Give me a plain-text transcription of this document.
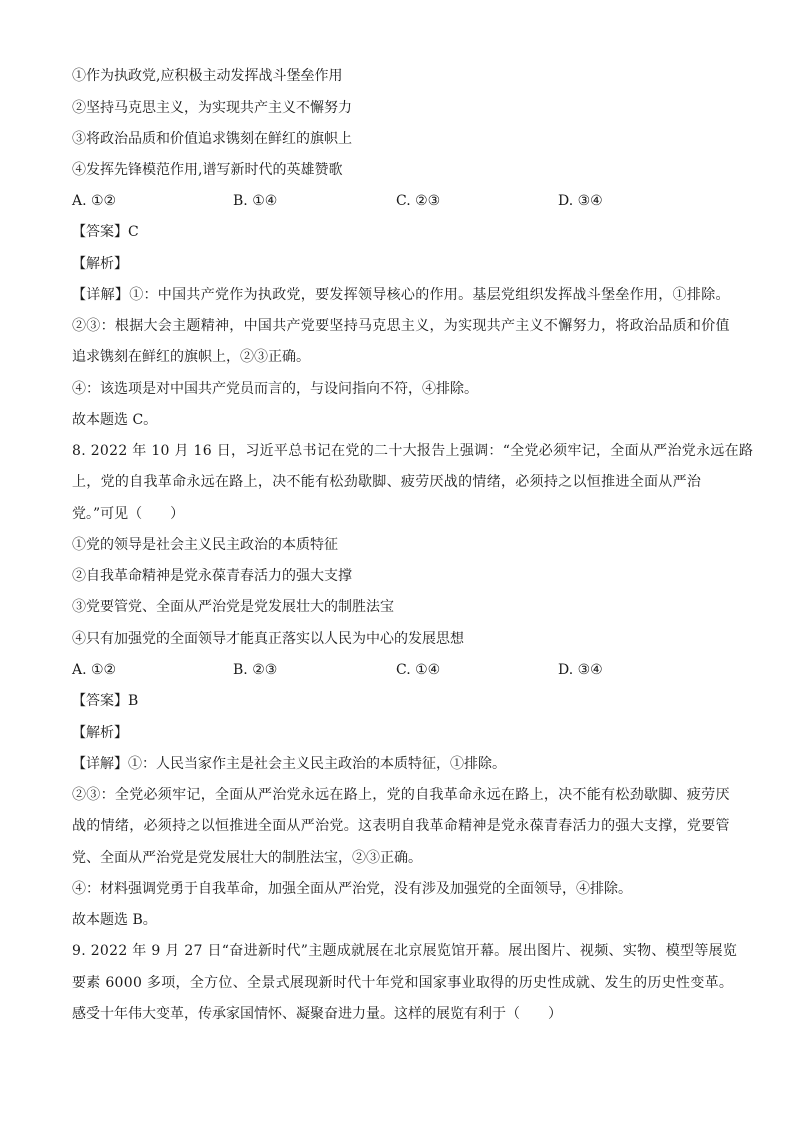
①作为执政党,应积极主动发挥战斗堡垒作用
②坚持马克思主义，为实现共产主义不懈努力
③将政治品质和价值追求镌刻在鲜红的旗帜上
④发挥先锋模范作用,谱写新时代的英雄赞歌
A. ①②	B. ①④	C. ②③	D. ③④
【答案】C
【解析】
【详解】①：中国共产党作为执政党，要发挥领导核心的作用。基层党组织发挥战斗堡垒作用，①排除。
②③：根据大会主题精神，中国共产党要坚持马克思主义，为实现共产主义不懈努力，将政治品质和价值
追求镌刻在鲜红的旗帜上，②③正确。
④：该选项是对中国共产党员而言的，与设问指向不符，④排除。
故本题选 C。
8. 2022 年 10 月 16 日，习近平总书记在党的二十大报告上强调：“全党必须牢记，全面从严治党永远在路
上，党的自我革命永远在路上，决不能有松劲歇脚、疲劳厌战的情绪，必须持之以恒推进全面从严治
党。”可见（　　）
①党的领导是社会主义民主政治的本质特征
②自我革命精神是党永葆青春活力的强大支撑
③党要管党、全面从严治党是党发展壮大的制胜法宝
④只有加强党的全面领导才能真正落实以人民为中心的发展思想
A. ①②	B. ②③	C. ①④	D. ③④
【答案】B
【解析】
【详解】①：人民当家作主是社会主义民主政治的本质特征，①排除。
②③：全党必须牢记，全面从严治党永远在路上，党的自我革命永远在路上，决不能有松劲歇脚、疲劳厌
战的情绪，必须持之以恒推进全面从严治党。这表明自我革命精神是党永葆青春活力的强大支撑，党要管
党、全面从严治党是党发展壮大的制胜法宝，②③正确。
④：材料强调党勇于自我革命，加强全面从严治党，没有涉及加强党的全面领导，④排除。
故本题选 B。
9. 2022 年 9 月 27 日“奋进新时代”主题成就展在北京展览馆开幕。展出图片、视频、实物、模型等展览
要素 6000 多项，全方位、全景式展现新时代十年党和国家事业取得的历史性成就、发生的历史性变革。
感受十年伟大变革，传承家国情怀、凝聚奋进力量。这样的展览有利于（　　）
